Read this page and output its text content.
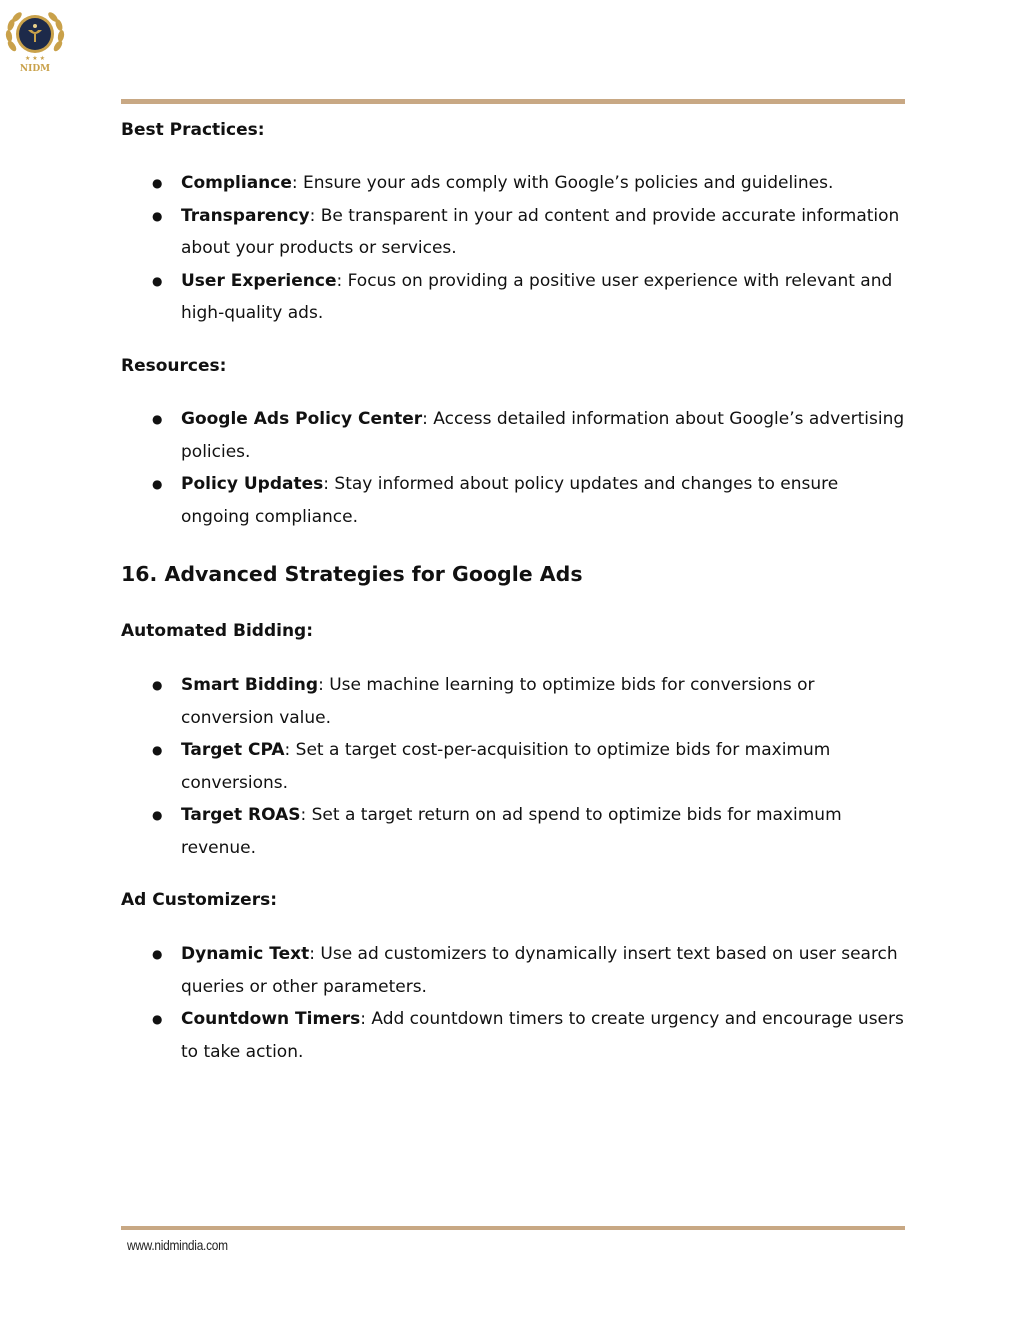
★ ★ ★
NIDM
Best Practices:
● Compliance: Ensure your ads comply with Google’s policies and guidelines.
● Transparency: Be transparent in your ad content and provide accurate information about your products or services.
● User Experience: Focus on providing a positive user experience with relevant and high-quality ads.
Resources:
● Google Ads Policy Center: Access detailed information about Google’s advertising policies.
● Policy Updates: Stay informed about policy updates and changes to ensure ongoing compliance.
16. Advanced Strategies for Google Ads
Automated Bidding:
● Smart Bidding: Use machine learning to optimize bids for conversions or conversion value.
● Target CPA: Set a target cost-per-acquisition to optimize bids for maximum conversions.
● Target ROAS: Set a target return on ad spend to optimize bids for maximum revenue.
Ad Customizers:
● Dynamic Text: Use ad customizers to dynamically insert text based on user search queries or other parameters.
● Countdown Timers: Add countdown timers to create urgency and encourage users to take action.
www.nidmindia.com
